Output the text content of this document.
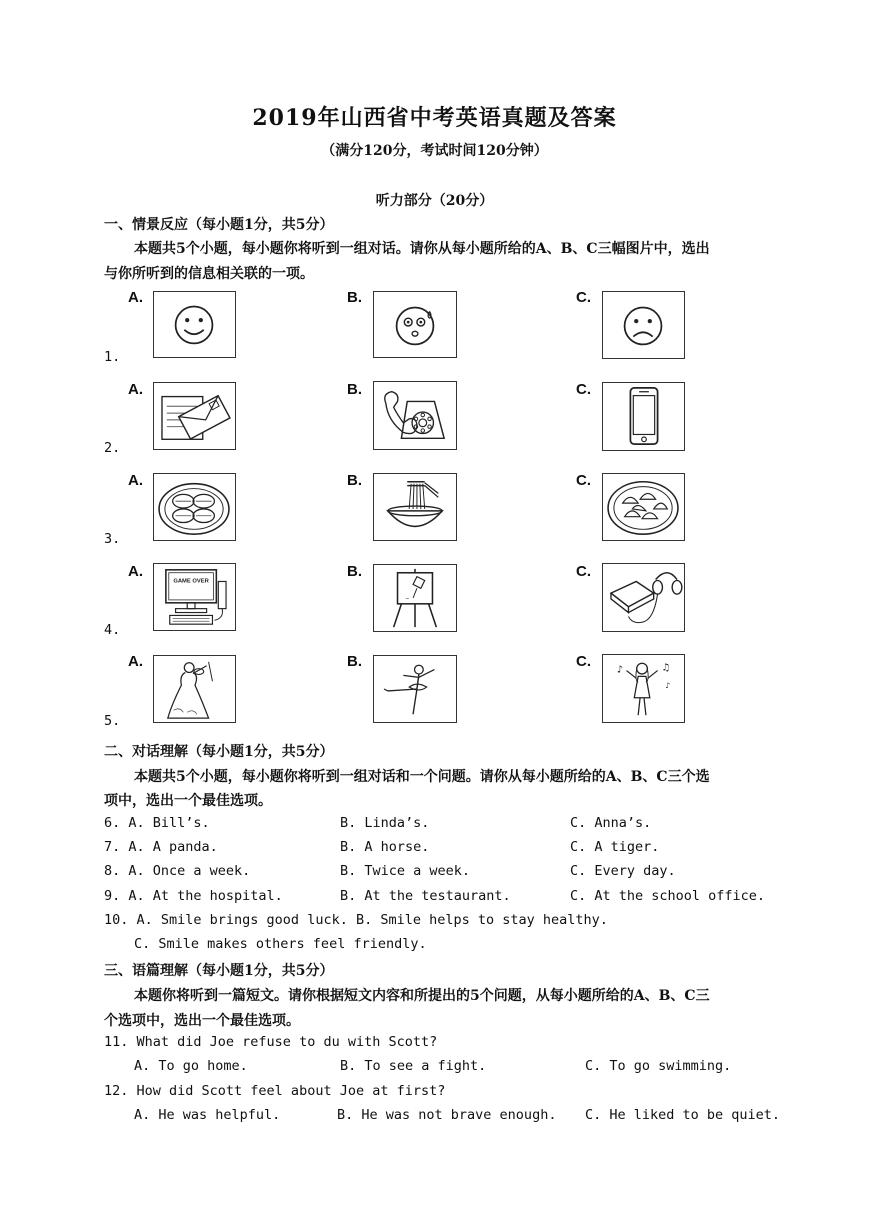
2019年山西省中考英语真题及答案
（满分120分，考试时间120分钟）
听力部分（20分）
一、情景反应（每小题1分，共5分）
本题共5个小题，每小题你将听到一组对话。请你从每小题所给的A、B、C三幅图片中，选出
与你所听到的信息相关联的一项。
A.	B.	C.
1.
A.	B.	C.
2.
A.	B.	C.
3.
A.	B.	C.
4.
GAME OVER
~
A.	B.	C.
5.
♪	♫
♪
二、对话理解（每小题1分，共5分）
本题共5个小题，每小题你将听到一组对话和一个问题。请你从每小题所给的A、B、C三个选
项中，选出一个最佳选项。
6. A. Bill’s.	B. Linda’s.	C. Anna’s.
7. A. A panda.	B. A horse.	C. A tiger.
8. A. Once a week.	B. Twice a week.	C. Every day.
9. A. At the hospital.	B. At the testaurant.	C. At the school office.
10. A. Smile brings good luck. B. Smile helps to stay healthy.
C. Smile makes others feel friendly.
三、语篇理解（每小题1分，共5分）
本题你将听到一篇短文。请你根据短文内容和所提出的5个问题，从每小题所给的A、B、C三
个选项中，选出一个最佳选项。
11. What did Joe refuse to du with Scott?
A. To go home.	B. To see a fight.	C. To go swimming.
12. How did Scott feel about Joe at first?
A. He was helpful.	B. He was not brave enough. C. He liked to be quiet.
